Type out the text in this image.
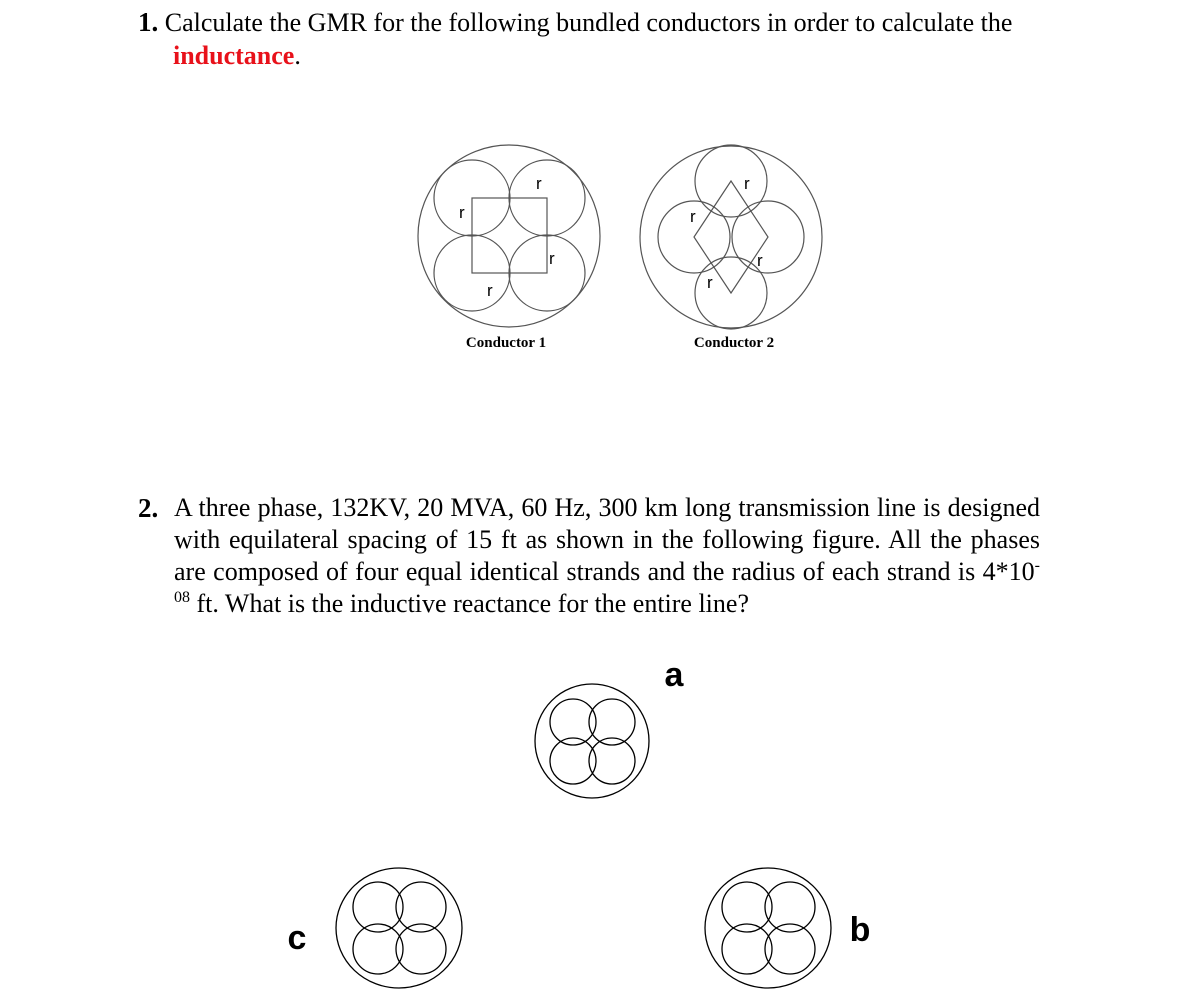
1. Calculate the GMR for the following bundled conductors in order to calculate the
inductance.
r
r
r
r
r
r
r
r
Conductor 1	Conductor 2
a
c	b
2. A three phase, 132KV, 20 MVA, 60 Hz, 300 km long transmission line is designed with equilateral spacing of 15 ft as shown in the following figure. All the phases are composed of four equal identical strands and the radius of each strand is $4*10^{-08}$ ft. What is the inductive reactance for the entire line?
